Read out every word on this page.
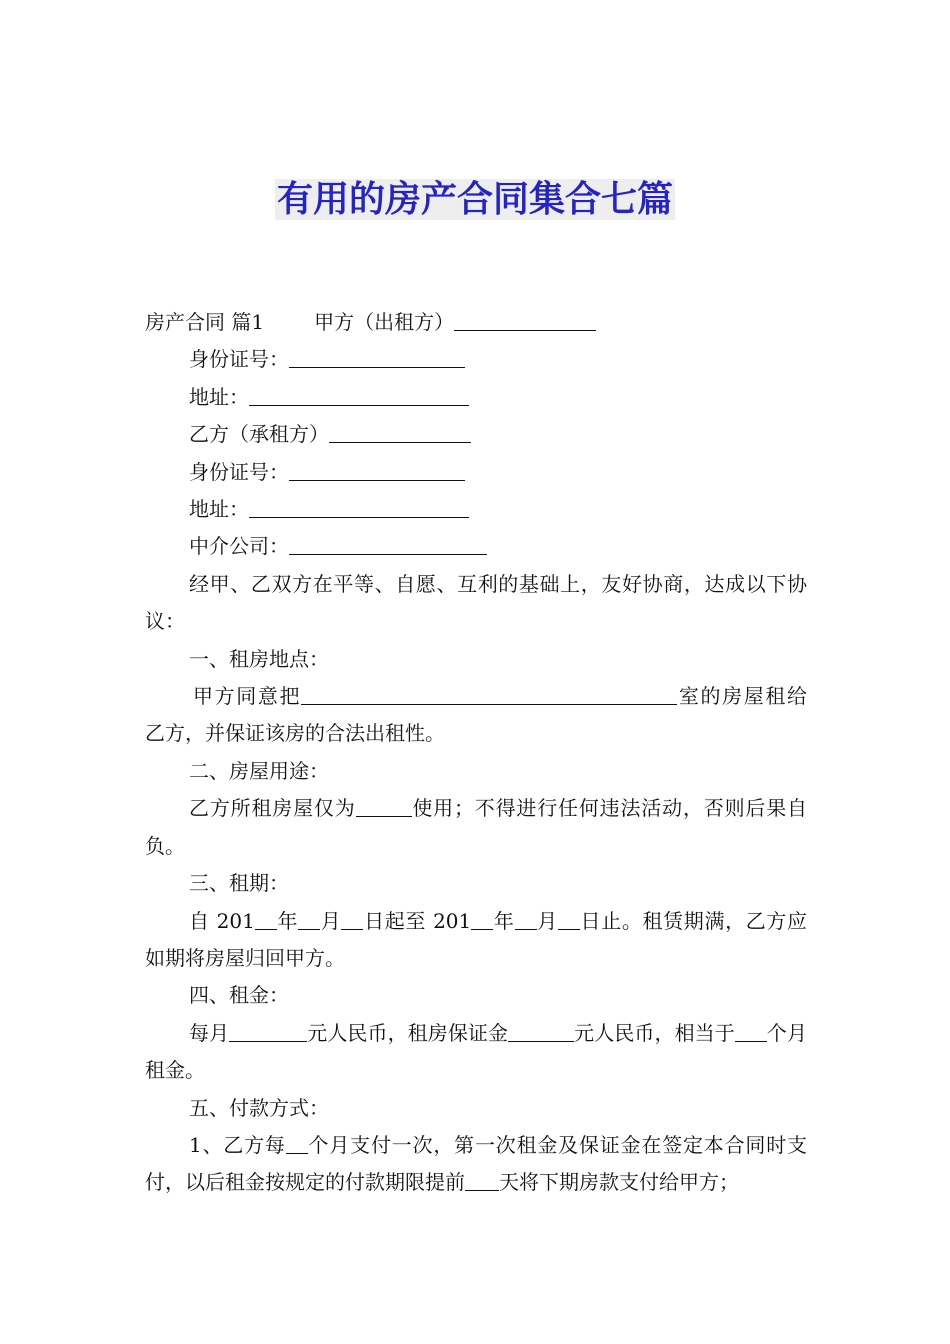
有用的房产合同集合七篇

房产合同 篇1	甲方（出租方）

身份证号：

地址：

乙方（承租方）

身份证号：

地址：

中介公司：

经甲、乙双方在平等、自愿、互利的基础上，友好协商，达成以下协议：

一、租房地点：

甲方同意把	室的房屋租给乙方，并保证该房的合法出租性。

二、房屋用途：

乙方所租房屋仅为	使用；不得进行任何违法活动，否则后果自负。

三、租期：

自 201 年 月 日起至 201 年 月 日止。租赁期满，乙方应如期将房屋归回甲方。

四、租金：

每月	元人民币，租房保证金	元人民币，相当于 个月租金。

五、付款方式：

1、乙方每 个月支付一次，第一次租金及保证金在签定本合同时支付，以后租金按规定的付款期限提前 天将下期房款支付给甲方；
